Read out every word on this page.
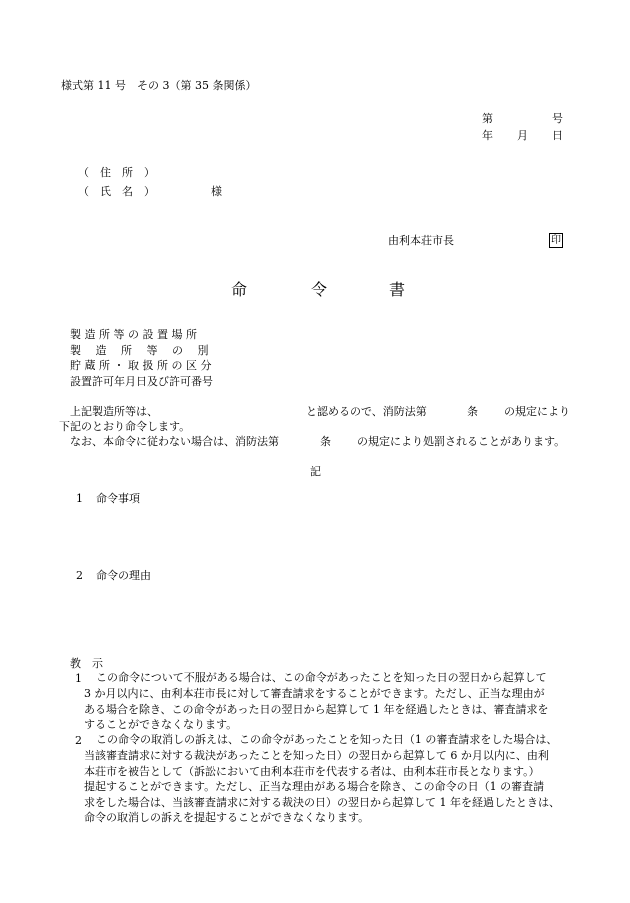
様式第 11 号　その 3（第 35 条関係）
第	号
年 月 日
（　住　所　）
（　氏　名　）	様
由利本荘市長	印
命	令	書
製 造 所 等 の 設 置 場 所
製　 造　 所　 等　 の　 別
貯 蔵 所 ・ 取 扱 所 の 区 分
設置許可年月日及び許可番号
上記製造所等は、	と認めるので、消防法第	条 の規定により
下記のとおり命令します。
なお、本命令に従わない場合は、消防法第	条 の規定により処罰されることがあります。
記
1 命令事項
2 命令の理由
教　示
1 この命令について不服がある場合は、この命令があったことを知った日の翌日から起算して
3 か月以内に、由利本荘市長に対して審査請求をすることができます。ただし、正当な理由が
ある場合を除き、この命令があった日の翌日から起算して 1 年を経過したときは、審査請求を
することができなくなります。
2 この命令の取消しの訴えは、この命令があったことを知った日（1 の審査請求をした場合は、
当該審査請求に対する裁決があったことを知った日）の翌日から起算して 6 か月以内に、由利
本荘市を被告として（訴訟において由利本荘市を代表する者は、由利本荘市長となります。）
提起することができます。ただし、正当な理由がある場合を除き、この命令の日（1 の審査請
求をした場合は、当該審査請求に対する裁決の日）の翌日から起算して 1 年を経過したときは、
命令の取消しの訴えを提起することができなくなります。
